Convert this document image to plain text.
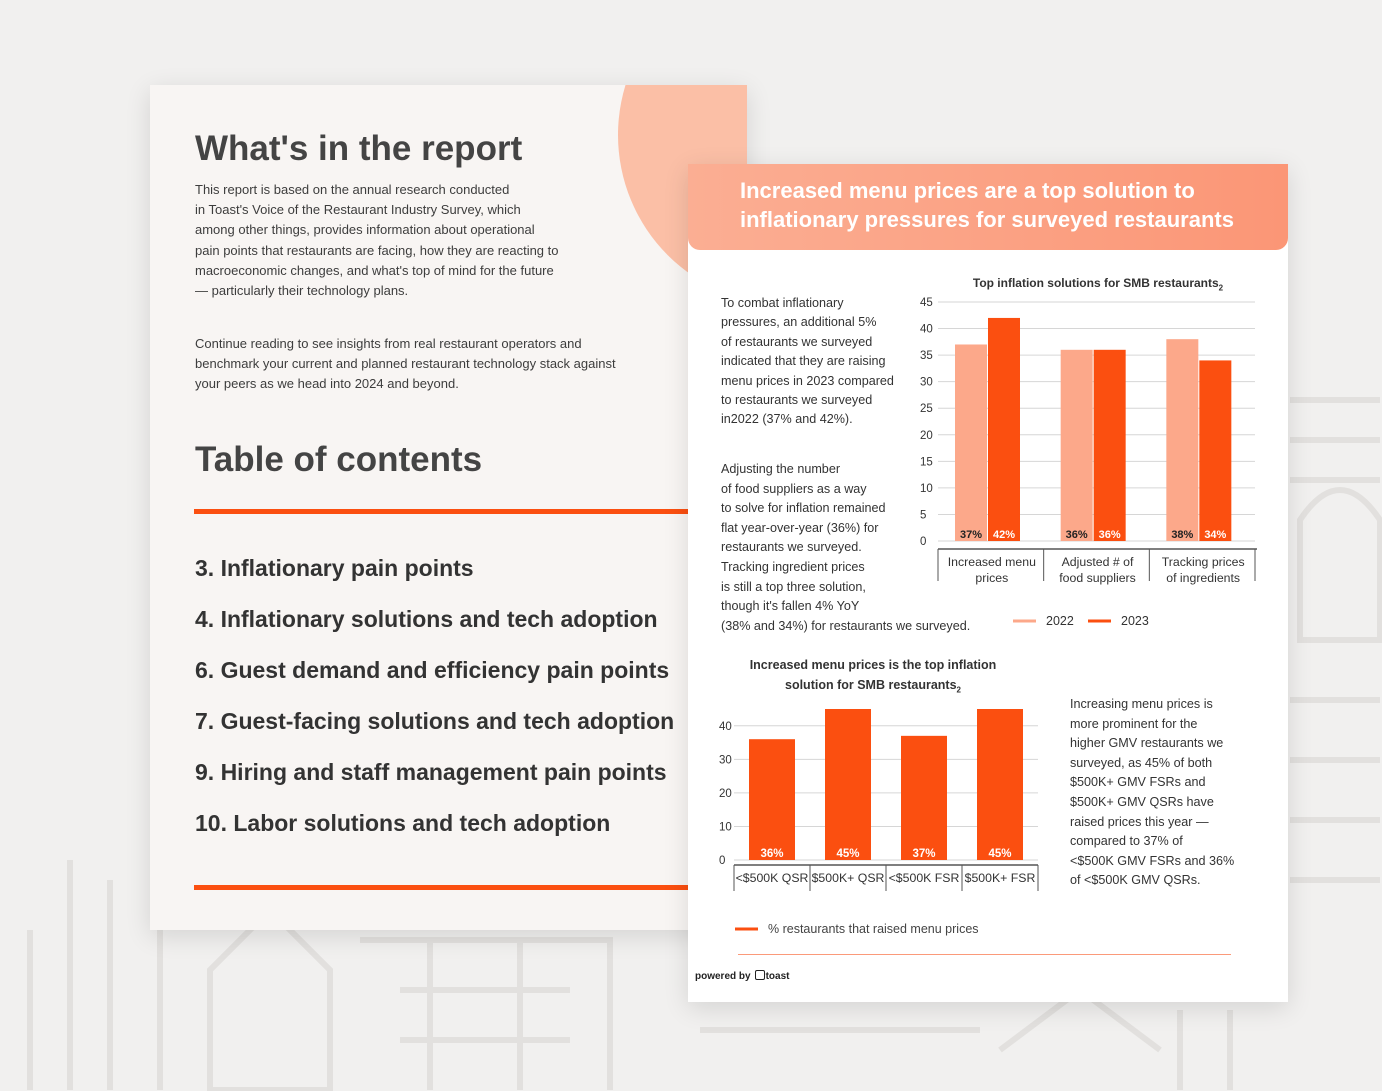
What's in the report
This report is based on the annual research conducted
in Toast's Voice of the Restaurant Industry Survey, which
among other things, provides information about operational
pain points that restaurants are facing, how they are reacting to
macroeconomic changes, and what's top of mind for the future
— particularly their technology plans.
Continue reading to see insights from real restaurant operators and
benchmark your current and planned restaurant technology stack against
your peers as we head into 2024 and beyond.
Table of contents
3. Inflationary pain points
4. Inflationary solutions and tech adoption
6. Guest demand and efficiency pain points
7. Guest-facing solutions and tech adoption
9. Hiring and staff management pain points
10. Labor solutions and tech adoption
Increased menu prices are a top solution to
inflationary pressures for surveyed restaurants
To combat inflationary
pressures, an additional 5%
of restaurants we surveyed
indicated that they are raising
menu prices in 2023 compared
to restaurants we surveyed
in2022 (37% and 42%).
Adjusting the number
of food suppliers as a way
to solve for inflation remained
flat year-over-year (36%) for
restaurants we surveyed.
Tracking ingredient prices
is still a top three solution,
though it's fallen 4% YoY
(38% and 34%) for restaurants we surveyed.
Top inflation solutions for SMB restaurants$_2$
0
5
10
15
20
25
30
35
40
45
37% 42%
Increased menu
prices
36% 36%
Adjusted # of
food suppliers
38% 34%
Tracking prices
of ingredients
2022	2023
Increased menu prices is the top inflation
solution for SMB restaurants$_2$
0
10
20
30
40
36%
<$500K QSR
45%
$500K+ QSR
37%
<$500K FSR
45%
$500K+ FSR
% restaurants that raised menu prices
Increasing menu prices is
more prominent for the
higher GMV restaurants we
surveyed, as 45% of both
$500K+ GMV FSRs and
$500K+ GMV QSRs have
raised prices this year —
compared to 37% of
<$500K GMV FSRs and 36%
of <$500K GMV QSRs.
powered by toast
